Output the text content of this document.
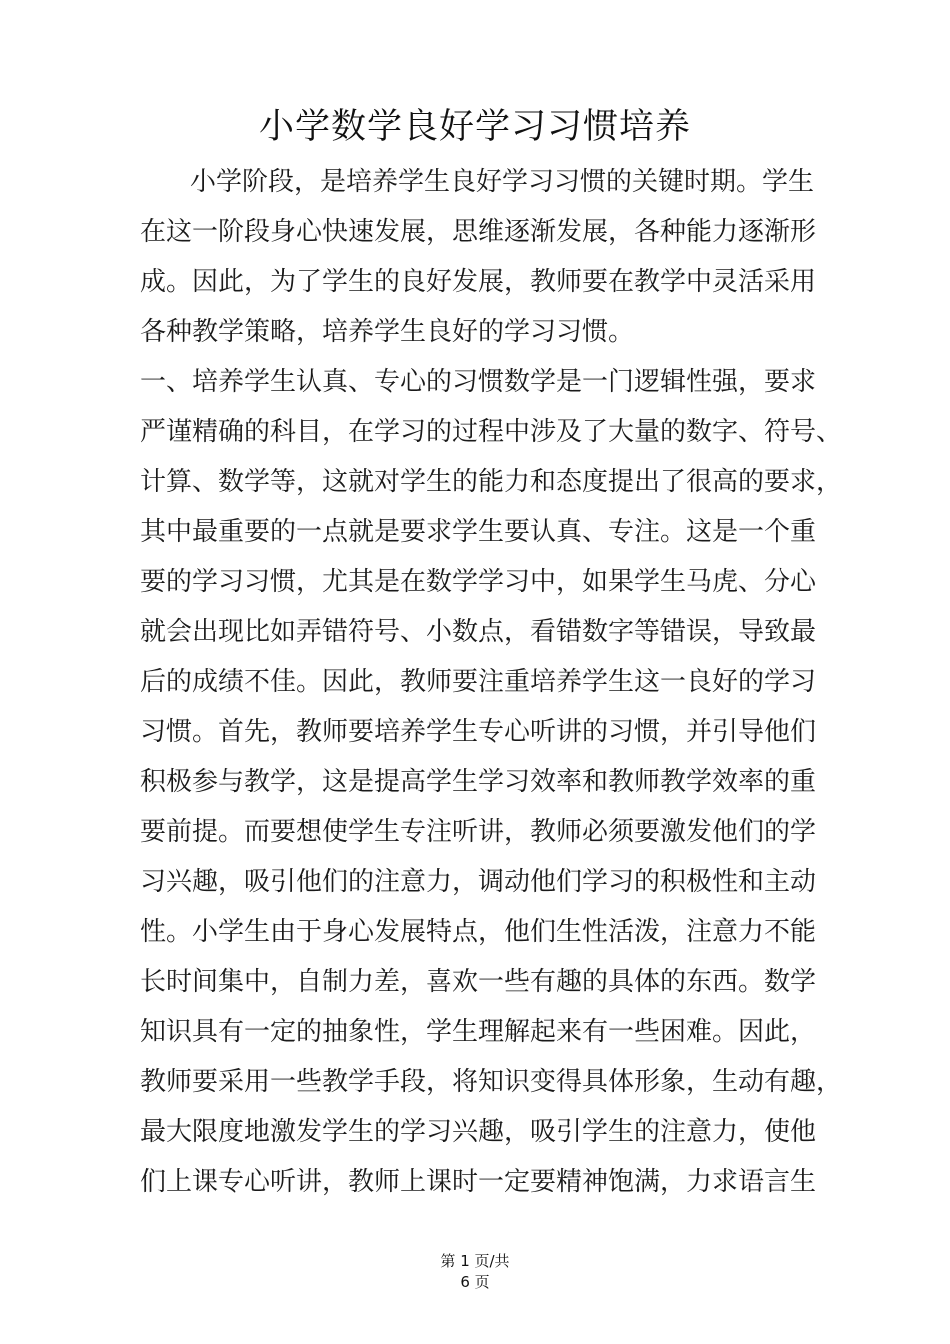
小学数学良好学习习惯培养
小学阶段，是培养学生良好学习习惯的关键时期。学生
在这一阶段身心快速发展，思维逐渐发展，各种能力逐渐形
成。因此，为了学生的良好发展，教师要在教学中灵活采用
各种教学策略，培养学生良好的学习习惯。
一、培养学生认真、专心的习惯数学是一门逻辑性强，要求
严谨精确的科目，在学习的过程中涉及了大量的数字、符号、
计算、数学等，这就对学生的能力和态度提出了很高的要求，
其中最重要的一点就是要求学生要认真、专注。这是一个重
要的学习习惯，尤其是在数学学习中，如果学生马虎、分心
就会出现比如弄错符号、小数点，看错数字等错误，导致最
后的成绩不佳。因此，教师要注重培养学生这一良好的学习
习惯。首先，教师要培养学生专心听讲的习惯，并引导他们
积极参与教学，这是提高学生学习效率和教师教学效率的重
要前提。而要想使学生专注听讲，教师必须要激发他们的学
习兴趣，吸引他们的注意力，调动他们学习的积极性和主动
性。小学生由于身心发展特点，他们生性活泼，注意力不能
长时间集中，自制力差，喜欢一些有趣的具体的东西。数学
知识具有一定的抽象性，学生理解起来有一些困难。因此，
教师要采用一些教学手段，将知识变得具体形象，生动有趣，
最大限度地激发学生的学习兴趣，吸引学生的注意力，使他
们上课专心听讲，教师上课时一定要精神饱满，力求语言生
第 1 页/共
6 页
